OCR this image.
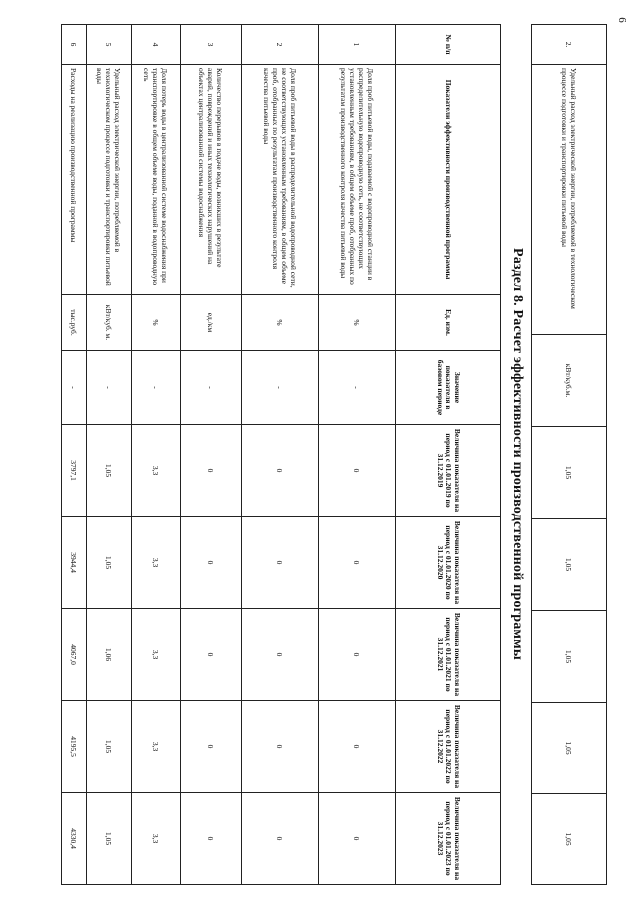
6
2.	Удельный расход электрической энергии, потребляемой в технологическом процессе подготовки и транспортировки питьевой воды	кВт/куб.м.	1,05	1,05	1,05	1,05	1,05
Раздел 8. Расчет эффективности производственной программы
№ п/п	Показатели эффективности производственной программы	Ед. изм.	Значение показателя в базовом периоде	Величина показателя на период с 01.01.2019 по 31.12.2019	Величина показателя на период с 01.01.2020 по 31.12.2020	Величина показателя на период с 01.01.2021 по 31.12.2021	Величина показателя на период с 01.01.2022 по 31.12.2022	Величина показателя на период с 01.01.2023 по 31.12.2023
1	Доля проб питьевой воды, подаваемой с водопроводной станции в распределительную водопроводную сеть, не соответствующих установленным требованиям, в общем объеме проб, отобранных по результатам производственного контроля качества питьевой воды	%	-	0	0	0	0	0
2	Доля проб питьевой воды в распределительной водопроводной сети, не соответствующих установленным требованиям, в общем объеме проб, отобранных по результатам производственного контроля качества питьевой воды	%	-	0	0	0	0	0
3	Количество перерывов в подаче воды, возникших в результате аварий, повреждений и иных технологических нарушений на объектах централизованной системы водоснабжения	ед./км	-	0	0	0	0	0
4	Доля потерь воды в централизованной системе водоснабжения при транспортировке в общем объеме воды, поданной в водопроводную сеть	%	-	3,3	3,3	3,3	3,3	3,3
5	Удельный расход электрической энергии, потребляемой в технологическом процессе подготовки и транспортировки питьевой воды	кВт/куб. м.	-	1,05	1,05	1,06	1,05	1,05
6	Расходы на реализацию производственной программы	тыс.руб.	-	3797,1	3944,4	4067,0	4195,5	4330,4
